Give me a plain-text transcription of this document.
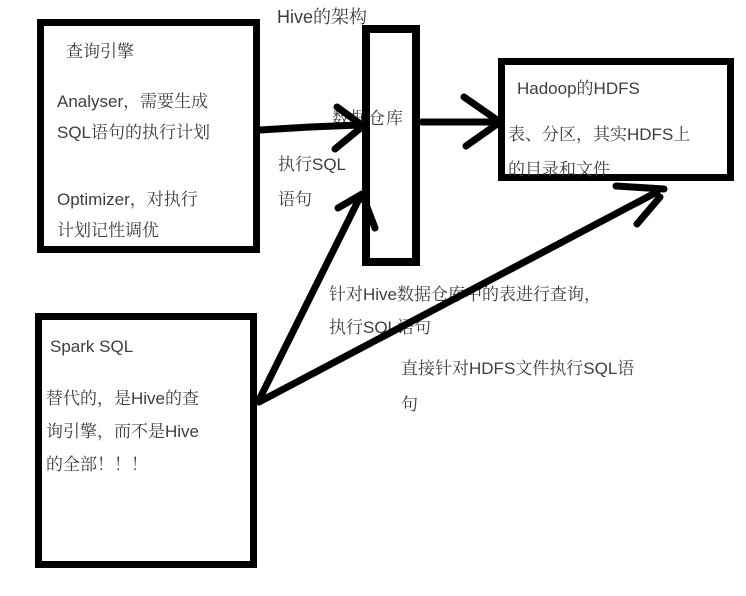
Hive的架构
查询引擎
Analyser，需要生成
SQL语句的执行计划
Optimizer，对执行
计划记性调优
数据仓库
Hadoop的HDFS
表、分区，其实HDFS上
的目录和文件
Spark SQL
替代的，是Hive的查
询引擎，而不是Hive
的全部！！！
执行SQL
语句
针对Hive数据仓库中的表进行查询，
执行SQL语句
直接针对HDFS文件执行SQL语
句
